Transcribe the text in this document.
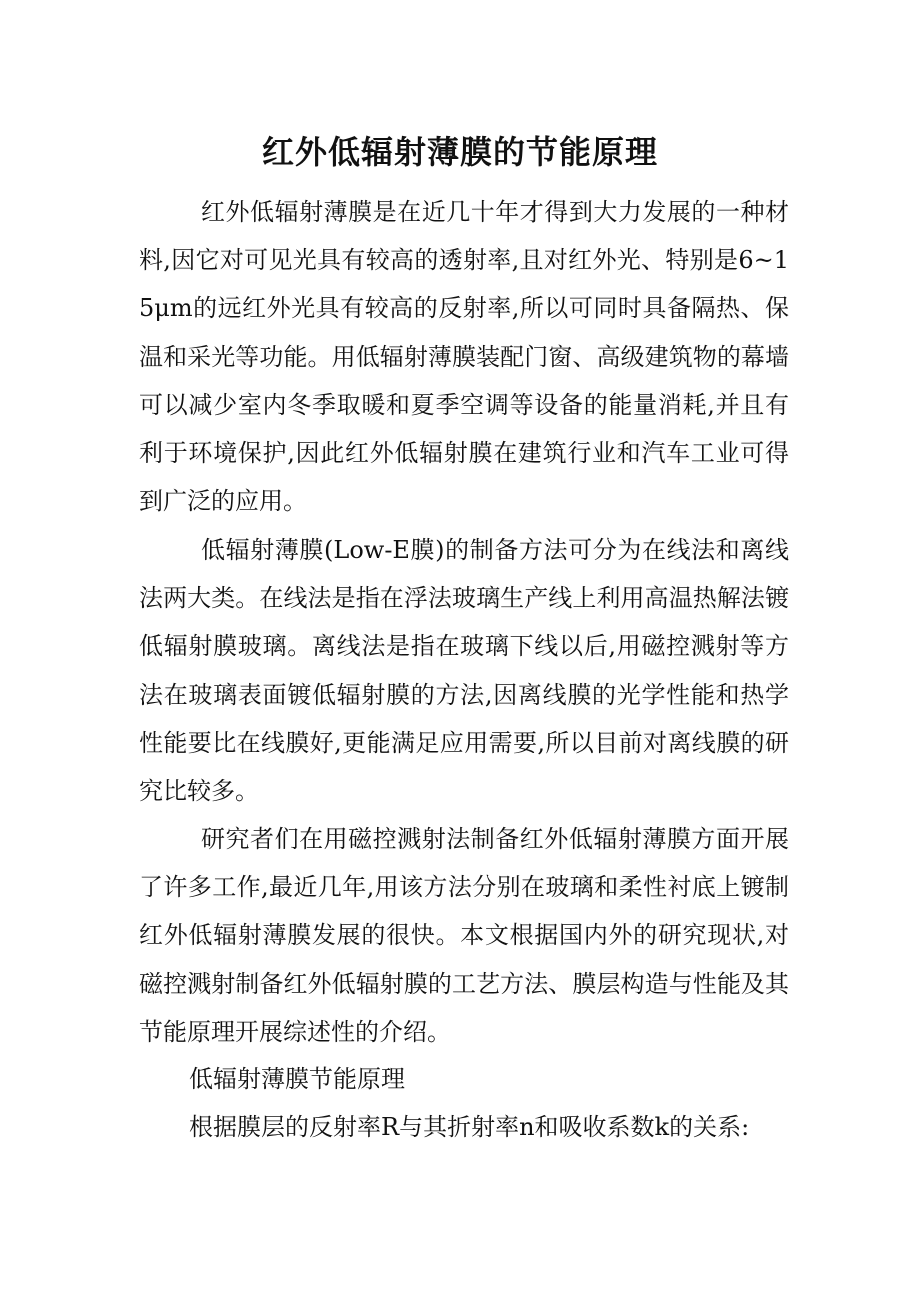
红外低辐射薄膜的节能原理

红外低辐射薄膜是在近几十年才得到大力发展的一种材料,因它对可见光具有较高的透射率,且对红外光、特别是6~15μm的远红外光具有较高的反射率,所以可同时具备隔热、保温和采光等功能。用低辐射薄膜装配门窗、高级建筑物的幕墙可以减少室内冬季取暖和夏季空调等设备的能量消耗,并且有利于环境保护,因此红外低辐射膜在建筑行业和汽车工业可得到广泛的应用。

低辐射薄膜(Low-E膜)的制备方法可分为在线法和离线法两大类。在线法是指在浮法玻璃生产线上利用高温热解法镀低辐射膜玻璃。离线法是指在玻璃下线以后,用磁控溅射等方法在玻璃表面镀低辐射膜的方法,因离线膜的光学性能和热学性能要比在线膜好,更能满足应用需要,所以目前对离线膜的研究比较多。

研究者们在用磁控溅射法制备红外低辐射薄膜方面开展了许多工作,最近几年,用该方法分别在玻璃和柔性衬底上镀制红外低辐射薄膜发展的很快。本文根据国内外的研究现状,对磁控溅射制备红外低辐射膜的工艺方法、膜层构造与性能及其节能原理开展综述性的介绍。

低辐射薄膜节能原理

根据膜层的反射率R与其折射率n和吸收系数k的关系:
